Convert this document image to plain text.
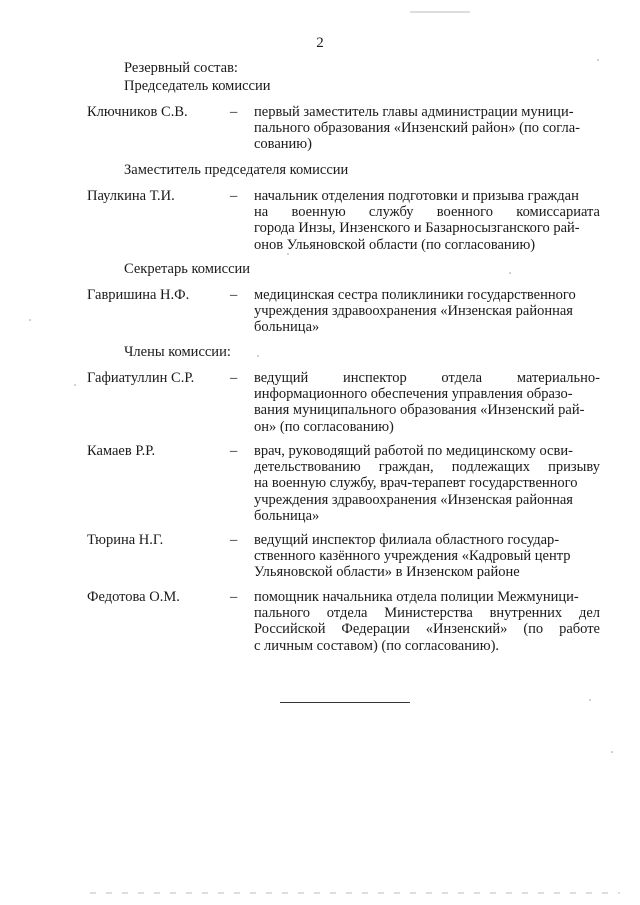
2
Резервный состав:
Председатель комиссии
Ключников С.В.	– первый заместитель главы администрации муници-
пального образования «Инзенский район» (по согла-
сованию)
Заместитель председателя комиссии
Паулкина Т.И.	– начальник отделения подготовки и призыва граждан
на военную службу военного комиссариата
города Инзы, Инзенского и Базарносызганского рай-
онов Ульяновской области (по согласованию)
Секретарь комиссии
Гавришина Н.Ф.	– медицинская сестра поликлиники государственного
учреждения здравоохранения «Инзенская районная
больница»
Члены комиссии:
Гафиатуллин С.Р. – ведущий инспектор отдела материально-
информационного обеспечения управления образо-
вания муниципального образования «Инзенский рай-
он» (по согласованию)
Камаев Р.Р.	– врач, руководящий работой по медицинскому осви-
детельствованию граждан, подлежащих призыву
на военную службу, врач-терапевт государственного
учреждения здравоохранения «Инзенская районная
больница»
Тюрина Н.Г.	– ведущий инспектор филиала областного государ-
ственного казённого учреждения «Кадровый центр
Ульяновской области» в Инзенском районе
Федотова О.М.	– помощник начальника отдела полиции Межмуници-
пального отдела Министерства внутренних дел
Российской Федерации «Инзенский» (по работе
с личным составом) (по согласованию).
